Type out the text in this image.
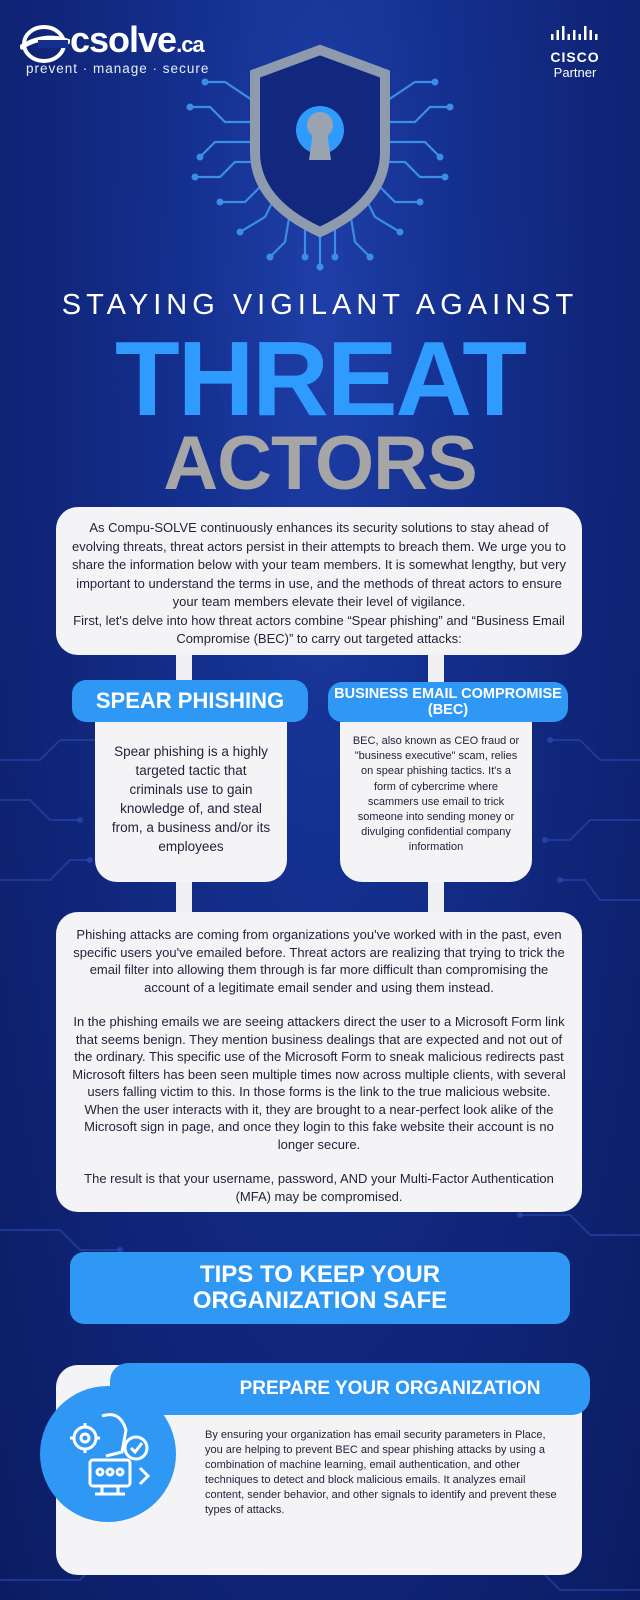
csolve.ca
prevent · manage · secure
CISCO
Partner
STAYING VIGILANT AGAINST
THREAT
ACTORS
As Compu-SOLVE continuously enhances its security solutions to stay ahead of evolving threats, threat actors persist in their attempts to breach them. We urge you to share the information below with your team members. It is somewhat lengthy, but very important to understand the terms in use, and the methods of threat actors to ensure your team members elevate their level of vigilance.
First, let's delve into how threat actors combine “Spear phishing” and “Business Email Compromise (BEC)” to carry out targeted attacks:
Spear phishing is a highly targeted tactic that criminals use to gain knowledge of, and steal from, a business and/or its employees
SPEAR PHISHING
BEC, also known as CEO fraud or "business executive" scam, relies on spear phishing tactics. It's a form of cybercrime where scammers use email to trick someone into sending money or divulging confidential company information
BUSINESS EMAIL COMPROMISE (BEC)

Phishing attacks are coming from organizations you've worked with in the past, even specific users you've emailed before. Threat actors are realizing that trying to trick the email filter into allowing them through is far more difficult than compromising the account of a legitimate email sender and using them instead.

In the phishing emails we are seeing attackers direct the user to a Microsoft Form link that seems benign. They mention business dealings that are expected and not out of the ordinary. This specific use of the Microsoft Form to sneak malicious redirects past Microsoft filters has been seen multiple times now across multiple clients, with several users falling victim to this. In those forms is the link to the true malicious website. When the user interacts with it, they are brought to a near-perfect look alike of the Microsoft sign in page, and once they login to this fake website their account is no longer secure.

The result is that your username, password, AND your Multi-Factor Authentication (MFA) may be compromised.

TIPS TO KEEP YOUR
ORGANIZATION SAFE
PREPARE YOUR ORGANIZATION
By ensuring your organization has email security parameters in Place, you are helping to prevent BEC and spear phishing attacks by using a combination of machine learning, email authentication, and other techniques to detect and block malicious emails. It analyzes email content, sender behavior, and other signals to identify and prevent these types of attacks.
